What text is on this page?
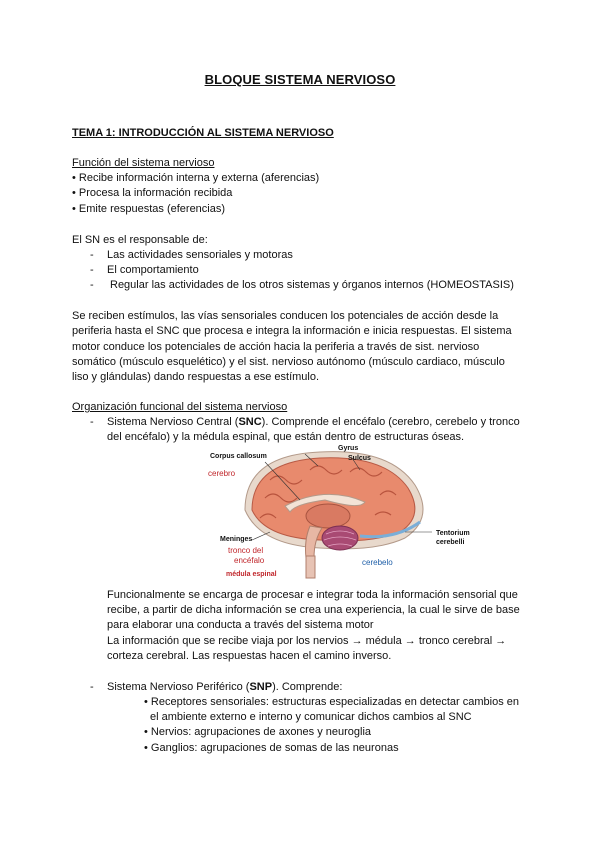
BLOQUE SISTEMA NERVIOSO
TEMA 1: INTRODUCCIÓN AL SISTEMA NERVIOSO
Función del sistema nervioso
• Recibe información interna y externa (aferencias)
• Procesa la información recibida
• Emite respuestas (eferencias)
El SN es el responsable de:
- Las actividades sensoriales y motoras
- El comportamiento
- Regular las actividades de los otros sistemas y órganos internos (HOMEOSTASIS)
Se reciben estímulos, las vías sensoriales conducen los potenciales de acción desde la
periferia hasta el SNC que procesa e integra la información e inicia respuestas. El sistema
motor conduce los potenciales de acción hacia la periferia a través de sist. nervioso
somático (músculo esquelético) y el sist. nervioso autónomo (músculo cardiaco, músculo
liso y glándulas) dando respuestas a ese estímulo.
Organización funcional del sistema nervioso
- Sistema Nervioso Central (SNC). Comprende el encéfalo (cerebro, cerebelo y tronco
del encéfalo) y la médula espinal, que están dentro de estructuras óseas.
Corpus callosum
Gyrus
Sulcus
cerebro
Tentorium
cerebelli
Meninges
tronco del
encéfalo	cerebelo
médula espinal
Funcionalmente se encarga de procesar e integrar toda la información sensorial que
recibe, a partir de dicha información se crea una experiencia, la cual le sirve de base
para elaborar una conducta a través del sistema motor
La información que se recibe viaja por los nervios → médula → tronco cerebral →
corteza cerebral. Las respuestas hacen el camino inverso.
- Sistema Nervioso Periférico (SNP). Comprende:
• Receptores sensoriales: estructuras especializadas en detectar cambios en
el ambiente externo e interno y comunicar dichos cambios al SNC
• Nervios: agrupaciones de axones y neuroglia
• Ganglios: agrupaciones de somas de las neuronas
